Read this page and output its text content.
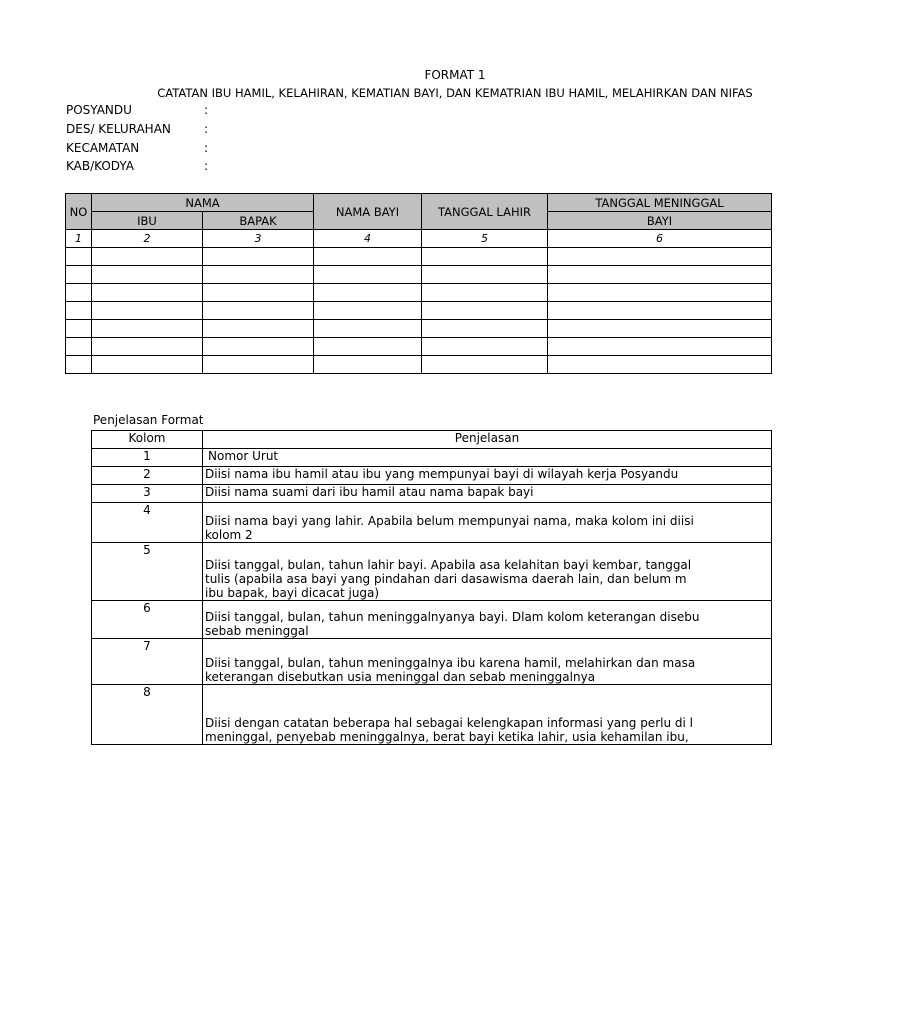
FORMAT 1
CATATAN IBU HAMIL, KELAHIRAN, KEMATIAN BAYI, DAN KEMATRIAN IBU HAMIL, MELAHIRKAN DAN NIFAS
POSYANDU	:
DES/ KELURAHAN	:
KECAMATAN	:
KAB/KODYA	:
NO	NAMA		NAMA BAYI	TANGGAL LAHIR	TANGGAL MENINGGAL
	IBU	BAPAK			BAYI
1	2	3	4	5	6

Penjelasan Format
Kolom	Penjelasan
1	Nomor Urut

2	Diisi nama ibu hamil atau ibu yang mempunyai bayi di wilayah kerja Posyandu

3	Diisi nama suami dari ibu hamil atau nama bapak bayi

4	Diisi nama bayi yang lahir. Apabila belum mempunyai nama, maka kolom ini diisi
kolom 2

5	Diisi tanggal, bulan, tahun lahir bayi. Apabila asa kelahitan bayi kembar, tanggal
tulis (apabila asa bayi yang pindahan dari dasawisma daerah lain, dan belum m
ibu bapak, bayi dicacat juga)

6	Diisi tanggal, bulan, tahun meninggalnyanya bayi. Dlam kolom keterangan disebu
sebab meninggal

7	Diisi tanggal, bulan, tahun meninggalnya ibu karena hamil, melahirkan dan masa
keterangan disebutkan usia meninggal dan sebab meninggalnya

8	Diisi dengan catatan beberapa hal sebagai kelengkapan informasi yang perlu di l
meninggal, penyebab meninggalnya, berat bayi ketika lahir, usia kehamilan ibu,
